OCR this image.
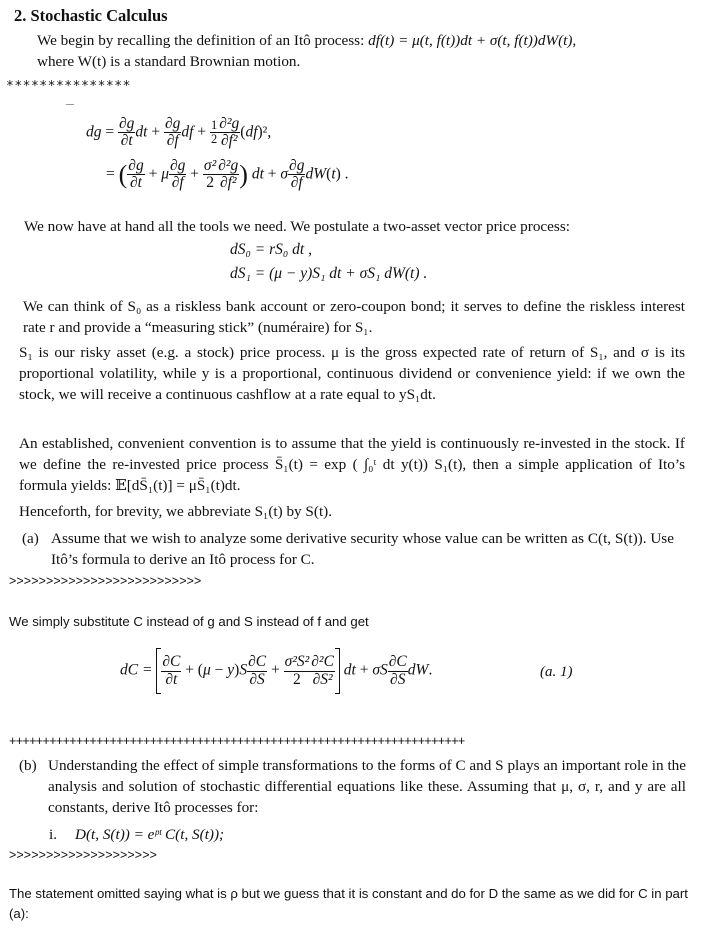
2. Stochastic Calculus
We begin by recalling the definition of an Itô process: df(t) = μ(t, f(t))dt + σ(t, f(t))dW(t),
where W(t) is a standard Brownian motion.
***************
dg = $\frac{\partial g}{\partial t}$ dt + $\frac{\partial g}{\partial f}$ df + $\frac{1}{2} \frac{\text{∂²g}}{\text{∂f²}} (df)^2$,
= ( $\frac{\partial g}{\partial t} + \mu \frac{\partial g}{\partial f} + \frac{\text{σ²}}{2} \frac{\text{∂²g}}{\text{∂f²}}$ ) dt + σ $\frac{\partial g}{\partial f} dW(t)$ .
We now have at hand all the tools we need. We postulate a two-asset vector price process:
dS₀ = rS₀ dt ,
dS₁ = (μ − y)S₁ dt + σS₁ dW(t) .
We can think of S₀ as a riskless bank account or zero-coupon bond; it serves to define the riskless interest rate r and provide a “measuring stick” (numéraire) for S₁.
S₁ is our risky asset (e.g. a stock) price process. μ is the gross expected rate of return of S₁, and σ is its proportional volatility, while y is a proportional, continuous dividend or convenience yield: if we own the stock, we will receive a continuous cashflow at a rate equal to yS₁dt.
An established, convenient convention is to assume that the yield is continuously re-invested in the stock. If we define the re-invested price process S̄₁(t) = exp ( ∫₀ᵗ dt y(t)) S₁(t), then a simple application of Ito’s formula yields: 𝔼[dS̄₁(t)] = μS̄₁(t)dt.
Henceforth, for brevity, we abbreviate S₁(t) by S(t).
(a) Assume that we wish to analyze some derivative security whose value can be written as C(t, S(t)). Use Itô’s formula to derive an Itô process for C.
>>>>>>>>>>>>>>>>>>>>>>>>>>
We simply substitute C instead of g and S instead of f and get
dC = $\frac{\partial C}{\partial t} + (\mu - y)S \frac{\partial C}{\partial S} + \frac{\text{σ²S²}}{2} \frac{\text{∂²C}}{\text{∂S²}}$ dt + σS $\frac{\partial C}{\partial S}$ dW.	(a. 1)
++++++++++++++++++++++++++++++++++++++++++++++++++++++++++++++++++++
(b) Understanding the effect of simple transformations to the forms of C and S plays an important role in the analysis and solution of stochastic differential equations like these. Assuming that μ, σ, r, and y are all constants, derive Itô processes for:
i. D(t, S(t)) = eᵖᵗ C(t, S(t));
>>>>>>>>>>>>>>>>>>>>
The statement omitted saying what is ρ but we guess that it is constant and do for D the same as we did for C in part (a):
